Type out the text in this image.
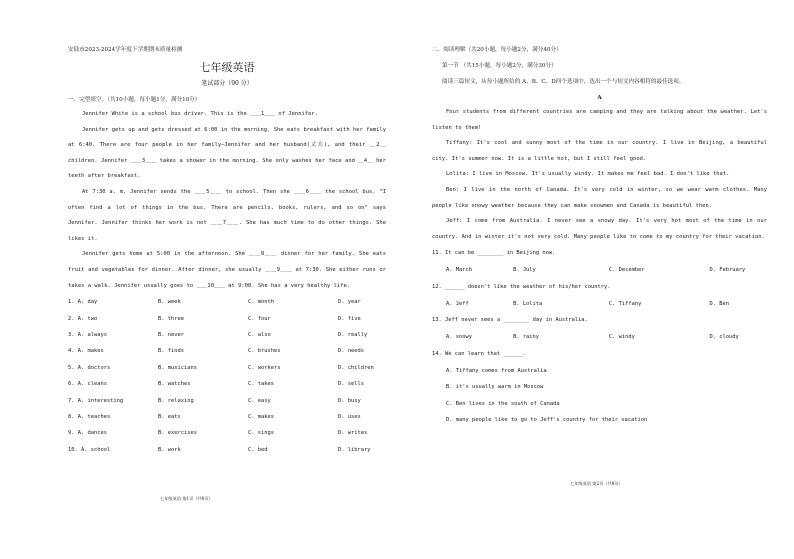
安陆市2023-2024学年度下学期期末质量检测
七年级英语
笔试部分（90 分）
一、完型填空。（共10小题，每小题1分，满分10分）
Jennifer White is a school bus driver. This is the ＿＿1＿＿ of Jennifer.
Jennifer gets up and gets dressed at 6:00 in the morning. She eats breakfast with her family at 6:40. There are four people in her family—Jennifer and her husband(丈夫), and their ＿2＿ children. Jennifer ＿＿3＿＿ takes a shower in the morning. She only washes her face and ＿4＿ her teeth after breakfast.
At 7:30 a. m. Jennifer sends the ＿＿5＿＿ to school. Then she ＿＿6＿＿ the school bus. "I often find a lot of things in the bus. There are pencils, books, rulers, and so on" says Jennifer. Jennifer thinks her work is not ＿＿7＿＿. She has much time to do other things. She likes it.
Jennifer gets home at 5:00 in the afternoon. She ＿＿8＿＿ dinner for her family. She eats fruit and vegetables for dinner. After dinner, she usually ＿＿9＿＿ at 7:30. She either runs or takes a walk. Jennifer usually goes to ＿＿10＿＿ at 9:00. She has a very healthy life.
1. A. day	B. week	C. month	D. year
2. A. two	B. three	C. four	D. five
3. A. always	B. never	C. also	D. really
4. A. makes	B. finds	C. brushes	D. needs
5. A. doctors	B. musicians	C. workers	D. children
6. A. cleans	B. watches	C. takes	D. sells
7. A. interesting	B. relaxing	C. easy	D. busy
8. A. teaches	B. eats	C. makes	D. uses
9. A. dances	B. exercises	C. sings	D. writes
10. A. school	B. work	C. bed	D. library
七年级英语 第1页（共8页）
二、阅读理解（共20小题，每小题2分，满分40分）
第一节 （共15小题，每小题2分，满分30分）
阅读三篇短文，从每小题所给的 A、B、C、D四个选项中，选出一个与短文内容相符的最佳选项。
A
Four students from different countries are camping and they are talking about the weather. Let's listen to them!
Tiffany: It's cool and sunny most of the time in our country. I live in Beijing, a beautiful city. It's summer now. It is a little hot, but I still feel good.
Lolita: I live in Moscow. It's usually windy. It makes me feel bad. I don't like that.
Ben: I live in the north of Canada. It's very cold in winter, so we wear warm clothes. Many people like snowy weather because they can make snowmen and Canada is beautiful then.
Jeff: I come from Australia. I never see a snowy day. It's very hot most of the time in our country. And in winter it's not very cold. Many people like to come to my country for their vacation.
11. It can be ________ in Beijing now.
A. March	B. July	C. December	D. February
12. ______ doesn't like the weather of his/her country.
A. Jeff	B. Lolita	C. Tiffany	D. Ben
13. Jeff never sees a ________ day in Australia.
A. snowy	B. rainy	C. windy	D. cloudy
14. We can learn that ______.
A. Tiffany comes from Australia
B. it's usually warm in Moscow
C. Ben lives in the south of Canada
D. many people like to go to Jeff's country for their vacation
七年级英语 第2页（共8页）
